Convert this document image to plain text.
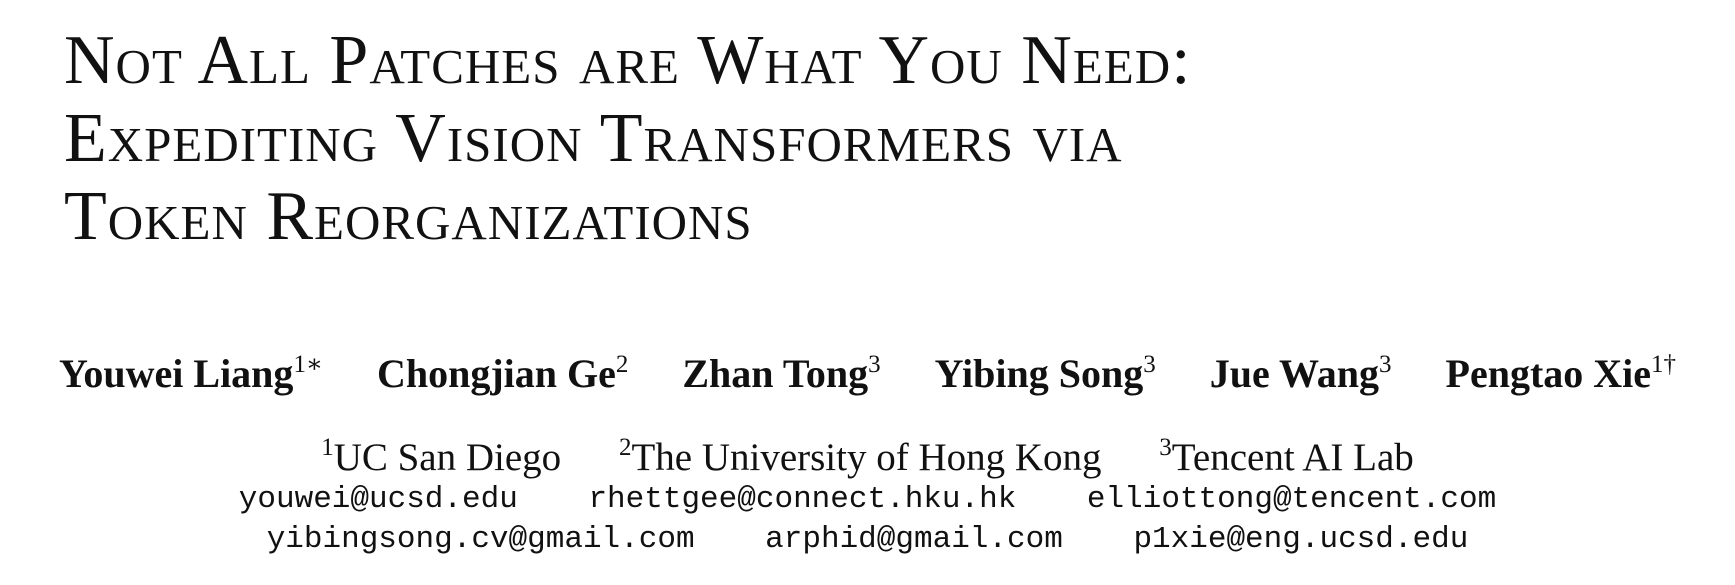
Not All Patches are What You Need:
Expediting Vision Transformers via
Token Reorganizations
Youwei Liang$^{1∗}$ Chongjian Ge$^2$ Zhan Tong$^3$ Yibing Song$^3$ Jue Wang$^3$ Pengtao Xie$^{1\dagger}$
$^1$UC San Diego $^2$The University of Hong Kong $^3$Tencent AI Lab
youwei@ucsd.edu rhettgee@connect.hku.hk elliottong@tencent.com
yibingsong.cv@gmail.com arphid@gmail.com p1xie@eng.ucsd.edu
